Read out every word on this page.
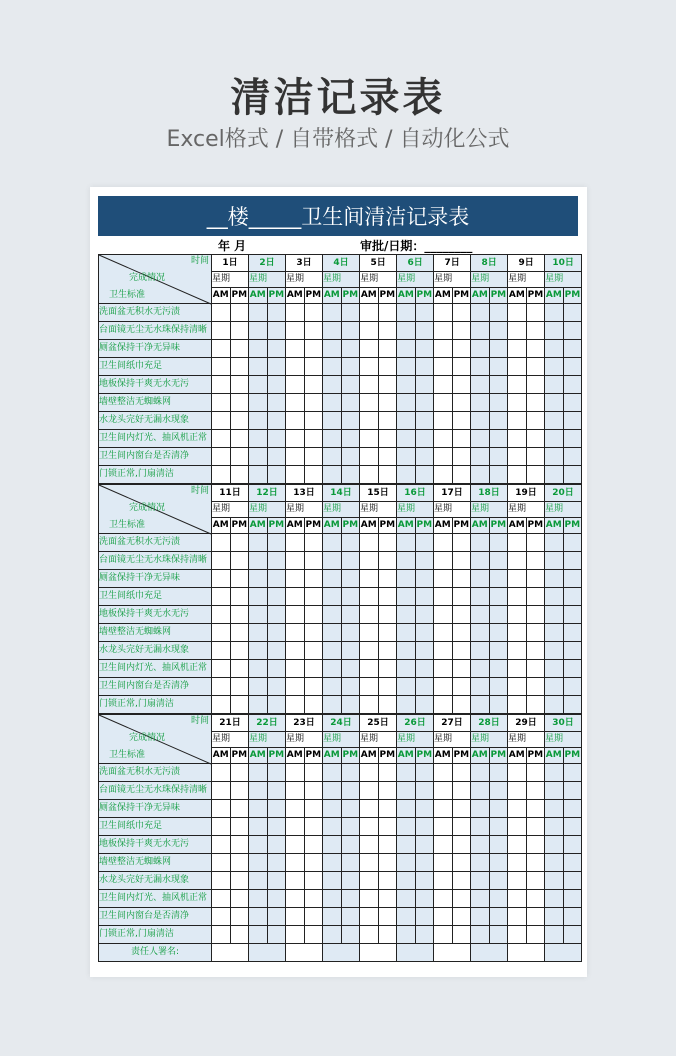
清洁记录表
Excel格式 / 自带格式 / 自动化公式
__楼_____卫生间清洁记录表
年 月	审批/日期：________
时间
完成情况
卫生标准	1日		2日		3日		4日		5日		6日		7日		8日		9日		10日	
	星期		星期		星期		星期		星期		星期		星期		星期		星期		星期	
	AM	PM	AM	PM	AM	PM	AM	PM	AM	PM	AM	PM	AM	PM	AM	PM	AM	PM	AM	PM
洗面盆无积水无污渍																				
台面镜无尘无水珠保持清晰																				
厕盆保持干净无异味																				
卫生间纸巾充足																				
地板保持干爽无水无污																				
墙壁整洁无蜘蛛网																				
水龙头完好无漏水现象																				
卫生间内灯光、抽风机正常																				
卫生间内窗台是否清净																				
门锁正常,门扇清洁																				
时间
完成情况
卫生标准	11日		12日		13日		14日		15日		16日		17日		18日		19日		20日	
	星期		星期		星期		星期		星期		星期		星期		星期		星期		星期	
	AM	PM	AM	PM	AM	PM	AM	PM	AM	PM	AM	PM	AM	PM	AM	PM	AM	PM	AM	PM
洗面盆无积水无污渍																				
台面镜无尘无水珠保持清晰																				
厕盆保持干净无异味																				
卫生间纸巾充足																				
地板保持干爽无水无污																				
墙壁整洁无蜘蛛网																				
水龙头完好无漏水现象																				
卫生间内灯光、抽风机正常																				
卫生间内窗台是否清净																				
门锁正常,门扇清洁																				
时间
完成情况
卫生标准	21日		22日		23日		24日		25日		26日		27日		28日		29日		30日	
	星期		星期		星期		星期		星期		星期		星期		星期		星期		星期	
	AM	PM	AM	PM	AM	PM	AM	PM	AM	PM	AM	PM	AM	PM	AM	PM	AM	PM	AM	PM
洗面盆无积水无污渍																				
台面镜无尘无水珠保持清晰																				
厕盆保持干净无异味																				
卫生间纸巾充足																				
地板保持干爽无水无污																				
墙壁整洁无蜘蛛网																				
水龙头完好无漏水现象																				
卫生间内灯光、抽风机正常																				
卫生间内窗台是否清净																				
门锁正常,门扇清洁																				
责任人署名:																				
